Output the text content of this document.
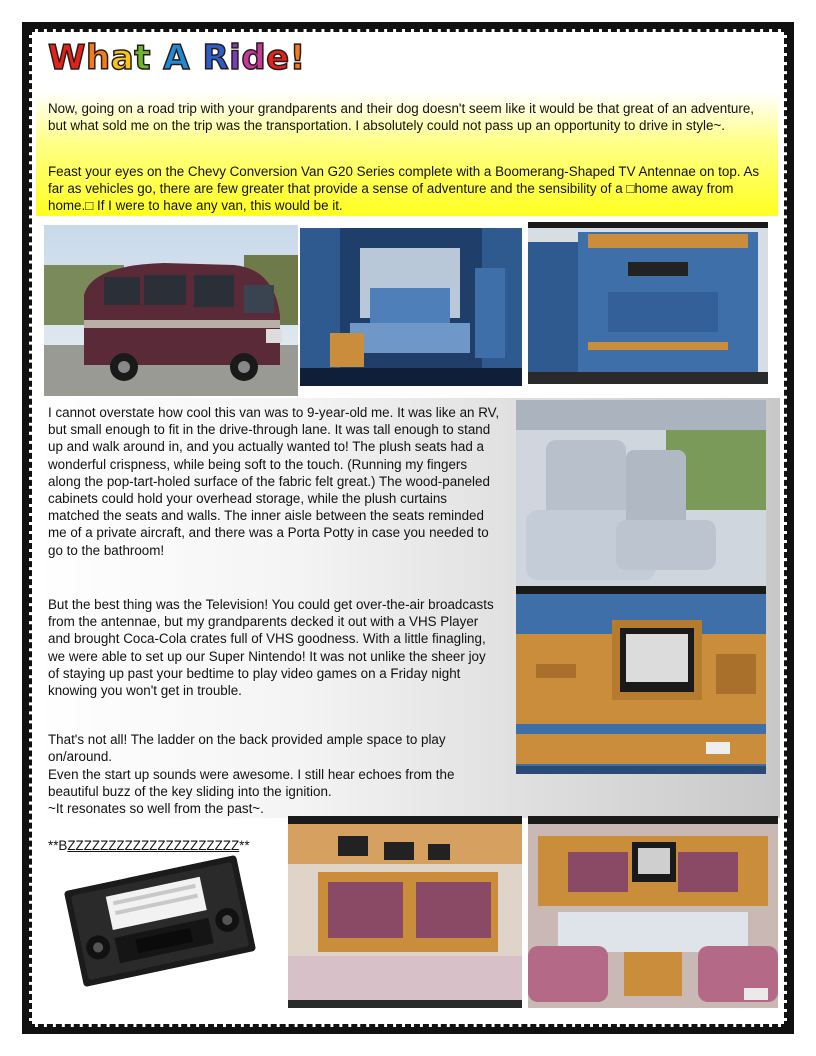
What A Ride!
Now, going on a road trip with your grandparents and their dog doesn't seem like it would be that great of an adventure, but what sold me on the trip was the transportation. I absolutely could not pass up an opportunity to drive in style~.
Feast your eyes on the Chevy Conversion Van G20 Series complete with a Boomerang-Shaped TV Antennae on top. As far as vehicles go, there are few greater that provide a sense of adventure and the sensibility of a □home away from home.□ If I were to have any van, this would be it.
I cannot overstate how cool this van was to 9-year-old me. It was like an RV, but small enough to fit in the drive-through lane. It was tall enough to stand up and walk around in, and you actually wanted to! The plush seats had a wonderful crispness, while being soft to the touch. (Running my fingers along the pop-tart-holed surface of the fabric felt great.) The wood-paneled cabinets could hold your overhead storage, while the plush curtains matched the seats and walls. The inner aisle between the seats reminded me of a private aircraft, and there was a Porta Potty in case you needed to go to the bathroom!
But the best thing was the Television! You could get over-the-air broadcasts from the antennae, but my grandparents decked it out with a VHS Player and brought Coca-Cola crates full of VHS goodness. With a little finagling, we were able to set up our Super Nintendo! It was not unlike the sheer joy of staying up past your bedtime to play video games on a Friday night knowing you won't get in trouble.
That's not all! The ladder on the back provided ample space to play on/around.
Even the start up sounds were awesome. I still hear echoes from the beautiful buzz of the key sliding into the ignition.
~It resonates so well from the past~.
**BZZZZZZZZZZZZZZZZZZZZZ**
